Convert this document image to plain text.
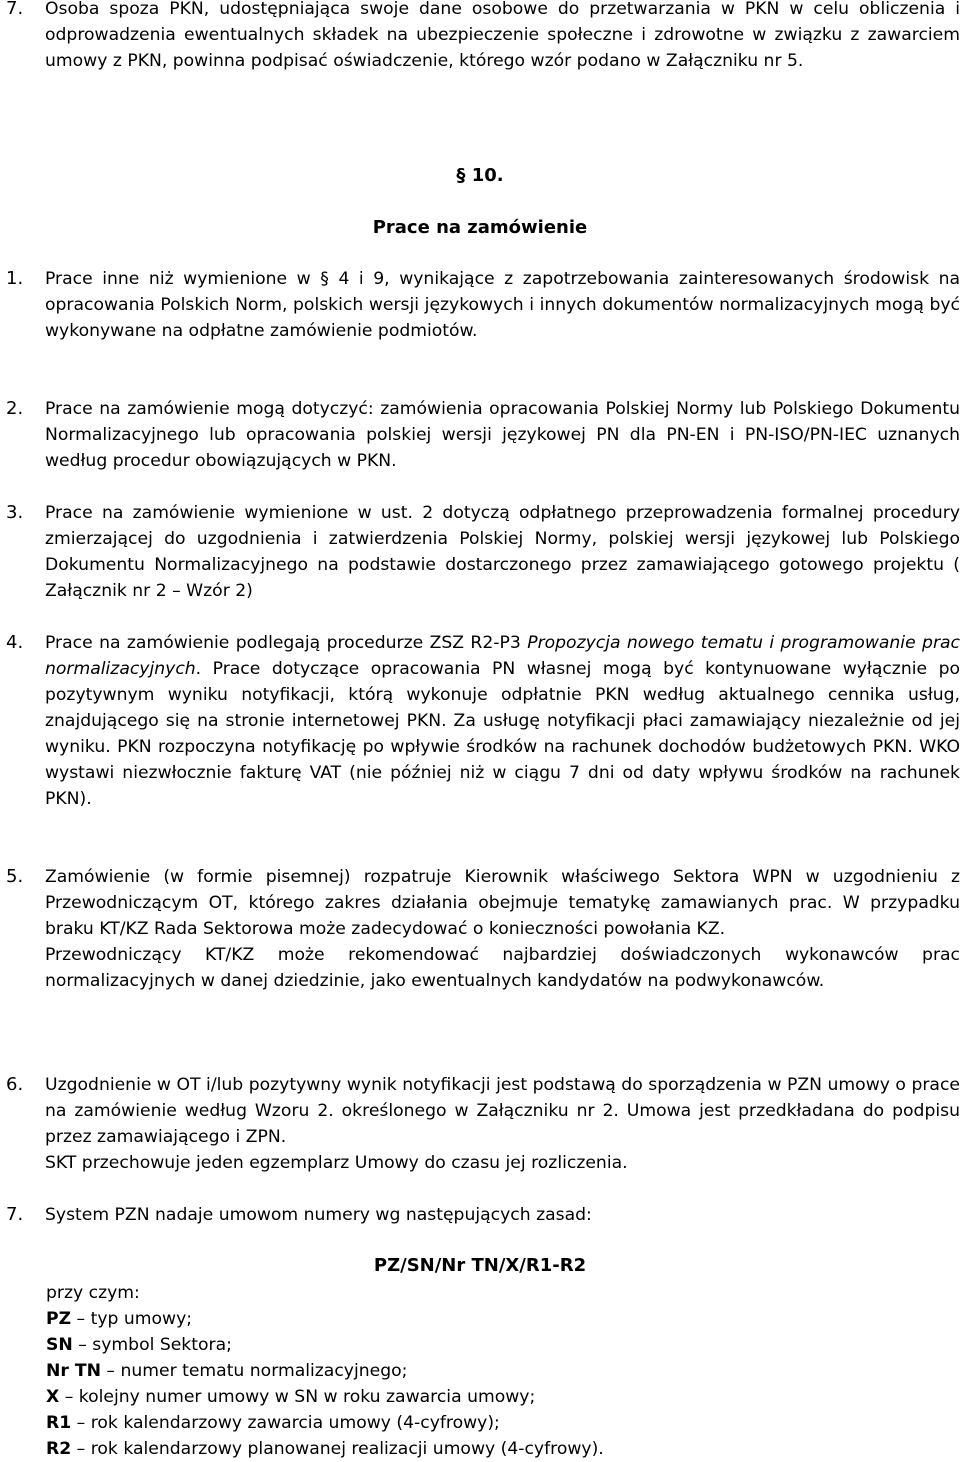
7. Osoba spoza PKN, udostępniająca swoje dane osobowe do przetwarzania w PKN w celu obliczenia i odprowadzenia ewentualnych składek na ubezpieczenie społeczne i zdrowotne w związku z zawarciem umowy z PKN, powinna podpisać oświadczenie, którego wzór podano w Załączniku nr 5.
§ 10.
Prace na zamówienie
1. Prace inne niż wymienione w § 4 i 9, wynikające z zapotrzebowania zainteresowanych środowisk na opracowania Polskich Norm, polskich wersji językowych i innych dokumentów normalizacyjnych mogą być wykonywane na odpłatne zamówienie podmiotów.
2. Prace na zamówienie mogą dotyczyć: zamówienia opracowania Polskiej Normy lub Polskiego Dokumentu Normalizacyjnego lub opracowania polskiej wersji językowej PN dla PN-EN i PN-ISO/PN-IEC uznanych według procedur obowiązujących w PKN.
3. Prace na zamówienie wymienione w ust. 2 dotyczą odpłatnego przeprowadzenia formalnej procedury zmierzającej do uzgodnienia i zatwierdzenia Polskiej Normy, polskiej wersji językowej lub Polskiego Dokumentu Normalizacyjnego na podstawie dostarczonego przez zamawiającego gotowego projektu ( Załącznik nr 2 – Wzór 2)
4. Prace na zamówienie podlegają procedurze ZSZ R2-P3 Propozycja nowego tematu i programowanie prac normalizacyjnych. Prace dotyczące opracowania PN własnej mogą być kontynuowane wyłącznie po pozytywnym wyniku notyfikacji, którą wykonuje odpłatnie PKN według aktualnego cennika usług, znajdującego się na stronie internetowej PKN. Za usługę notyfikacji płaci zamawiający niezależnie od jej wyniku. PKN rozpoczyna notyfikację po wpływie środków na rachunek dochodów budżetowych PKN. WKO wystawi niezwłocznie fakturę VAT (nie później niż w ciągu 7 dni od daty wpływu środków na rachunek PKN).
5. Zamówienie (w formie pisemnej) rozpatruje Kierownik właściwego Sektora WPN w uzgodnieniu z Przewodniczącym OT, którego zakres działania obejmuje tematykę zamawianych prac. W przypadku braku KT/KZ Rada Sektorowa może zadecydować o konieczności powołania KZ.

Przewodniczący KT/KZ może rekomendować najbardziej doświadczonych wykonawców prac normalizacyjnych w danej dziedzinie, jako ewentualnych kandydatów na podwykonawców.

6. Uzgodnienie w OT i/lub pozytywny wynik notyfikacji jest podstawą do sporządzenia w PZN umowy o prace na zamówienie według Wzoru 2. określonego w Załączniku nr 2. Umowa jest przedkładana do podpisu przez zamawiającego i ZPN.

SKT przechowuje jeden egzemplarz Umowy do czasu jej rozliczenia.

7. System PZN nadaje umowom numery wg następujących zasad:
PZ/SN/Nr TN/X/R1-R2
przy czym:
PZ – typ umowy;
SN – symbol Sektora;
Nr TN – numer tematu normalizacyjnego;
X – kolejny numer umowy w SN w roku zawarcia umowy;
R1 – rok kalendarzowy zawarcia umowy (4-cyfrowy);
R2 – rok kalendarzowy planowanej realizacji umowy (4-cyfrowy).
